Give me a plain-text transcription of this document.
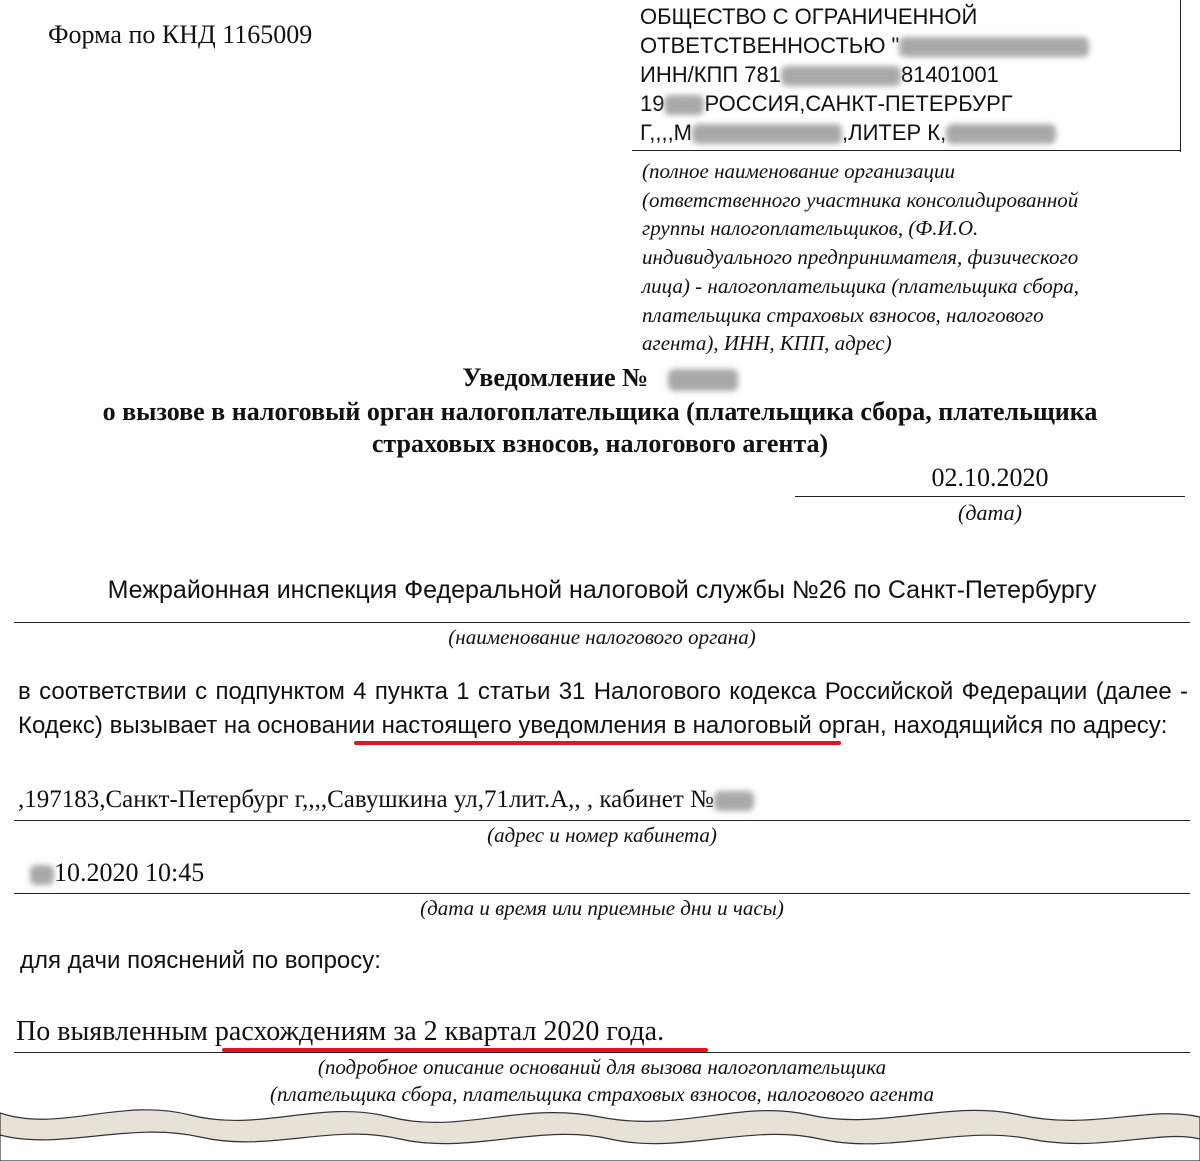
Форма по КНД 1165009
ОБЩЕСТВО С ОГРАНИЧЕННОЙ
ОТВЕТСТВЕННОСТЬЮ "
ИНН/КПП 781	81401001
19 РОССИЯ,САНКТ-ПЕТЕРБУРГ
Г,,,,М	,ЛИТЕР К,
(полное наименование организации
(ответственного участника консолидированной
группы налогоплательщиков, (Ф.И.О.
индивидуального предпринимателя, физического
лица) - налогоплательщика (плательщика сбора,
плательщика страховых взносов, налогового
агента), ИНН, КПП, адрес)
Уведомление №
о вызове в налоговый орган налогоплательщика (плательщика сбора, плательщика
страховых взносов, налогового агента)
02.10.2020
(дата)
Межрайонная инспекция Федеральной налоговой службы №26 по Санкт-Петербургу
(наименование налогового органа)
в соответствии с подпунктом 4 пункта 1 статьи 31 Налогового кодекса Российской Федерации (далее - Кодекс) вызывает на основании настоящего уведомления в налоговый орган, находящийся по адресу:
,197183,Санкт-Петербург г,,,,Савушкина ул,71лит.А,, , кабинет №
(адрес и номер кабинета)
10.2020 10:45
(дата и время или приемные дни и часы)
для дачи пояснений по вопросу:
По выявленным расхождениям за 2 квартал 2020 года.
(подробное описание оснований для вызова налогоплательщика
(плательщика сбора, плательщика страховых взносов, налогового агента
